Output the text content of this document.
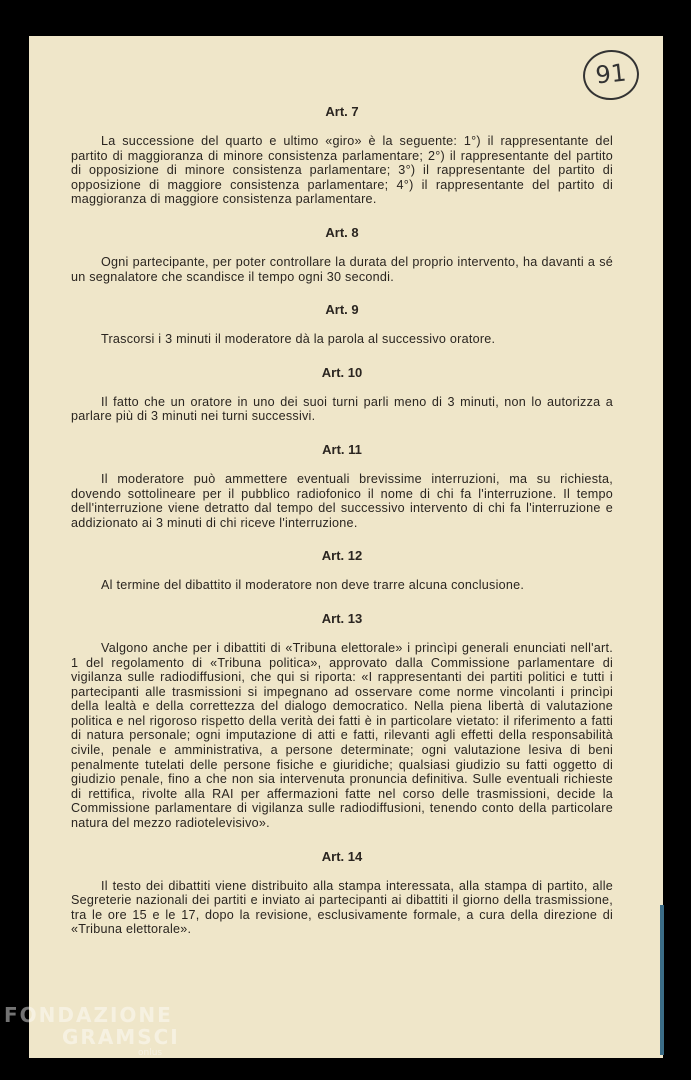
91
Art. 7

La successione del quarto e ultimo «giro» è la seguente: 1°) il rappresentante del partito di maggioranza di minore consistenza parlamentare; 2°) il rappresentante del partito di opposizione di minore consistenza parlamentare; 3°) il rappresentante del partito di opposizione di maggiore consistenza parlamentare; 4°) il rappresentante del partito di maggioranza di maggiore consistenza parlamentare.

Art. 8

Ogni partecipante, per poter controllare la durata del proprio intervento, ha davanti a sé un segnalatore che scandisce il tempo ogni 30 secondi.

Art. 9

Trascorsi i 3 minuti il moderatore dà la parola al successivo oratore.

Art. 10

Il fatto che un oratore in uno dei suoi turni parli meno di 3 minuti, non lo autorizza a parlare più di 3 minuti nei turni successivi.

Art. 11

Il moderatore può ammettere eventuali brevissime interruzioni, ma su richiesta, dovendo sottolineare per il pubblico radiofonico il nome di chi fa l'interruzione. Il tempo dell'interruzione viene detratto dal tempo del successivo intervento di chi fa l'interruzione e addizionato ai 3 minuti di chi riceve l'interruzione.

Art. 12

Al termine del dibattito il moderatore non deve trarre alcuna conclusione.

Art. 13

Valgono anche per i dibattiti di «Tribuna elettorale» i princìpi generali enunciati nell'art. 1 del regolamento di «Tribuna politica», approvato dalla Commissione parlamentare di vigilanza sulle radiodiffusioni, che qui si riporta: «I rappresentanti dei partiti politici e tutti i partecipanti alle trasmissioni si impegnano ad osservare come norme vincolanti i princìpi della lealtà e della correttezza del dialogo democratico. Nella piena libertà di valutazione politica e nel rigoroso rispetto della verità dei fatti è in particolare vietato: il riferimento a fatti di natura personale; ogni imputazione di atti e fatti, rilevanti agli effetti della responsabilità civile, penale e amministrativa, a persone determinate; ogni valutazione lesiva di beni penalmente tutelati delle persone fisiche e giuridiche; qualsiasi giudizio su fatti oggetto di giudizio penale, fino a che non sia intervenuta pronuncia definitiva. Sulle eventuali richieste di rettifica, rivolte alla RAI per affermazioni fatte nel corso delle trasmissioni, decide la Commissione parlamentare di vigilanza sulle radiodiffusioni, tenendo conto della particolare natura del mezzo radiotelevisivo».

Art. 14

Il testo dei dibattiti viene distribuito alla stampa interessata, alla stampa di partito, alle Segreterie nazionali dei partiti e inviato ai partecipanti ai dibattiti il giorno della trasmissione, tra le ore 15 e le 17, dopo la revisione, esclusivamente formale, a cura della direzione di «Tribuna elettorale».

FONDAZIONE
GRAMSCI
onlus
